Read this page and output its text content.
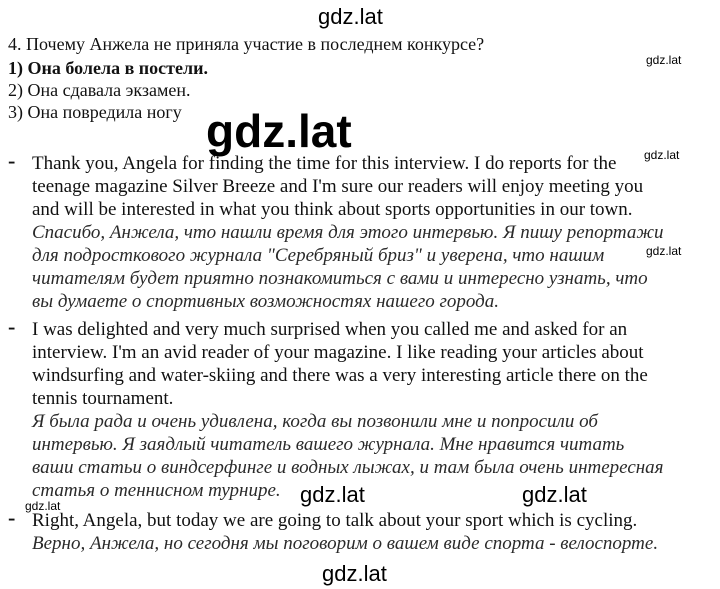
4. Почему Анжела не приняла участие в последнем конкурсе?
1) Она болела в постели.
2) Она сдавала экзамен.
3) Она повредила ногу
- Thank you, Angela for finding the time for this interview. I do reports for the
teenage magazine Silver Breeze and I'm sure our readers will enjoy meeting you
and will be interested in what you think about sports opportunities in our town.
Спасибо, Анжела, что нашли время для этого интервью. Я пишу репортажи
для подросткового журнала "Серебряный бриз" и уверена, что нашим
читателям будет приятно познакомиться с вами и интересно узнать, что
вы думаете о спортивных возможностях нашего города.
- I was delighted and very much surprised when you called me and asked for an
interview. I'm an avid reader of your magazine. I like reading your articles about
windsurfing and water-skiing and there was a very interesting article there on the
tennis tournament.
Я была рада и очень удивлена, когда вы позвонили мне и попросили об
интервью. Я заядлый читатель вашего журнала. Мне нравится читать
ваши статьи о виндсерфинге и водных лыжах, и там была очень интересная
статья о теннисном турнире.
- Right, Angela, but today we are going to talk about your sport which is cycling.
Верно, Анжела, но сегодня мы поговорим о вашем виде спорта - велоспорте.
gdz.lat
gdz.lat
gdz.lat	gdz.lat
gdz.lat
gdz.lat	gdz.lat
gdz.lat
gdz.lat
